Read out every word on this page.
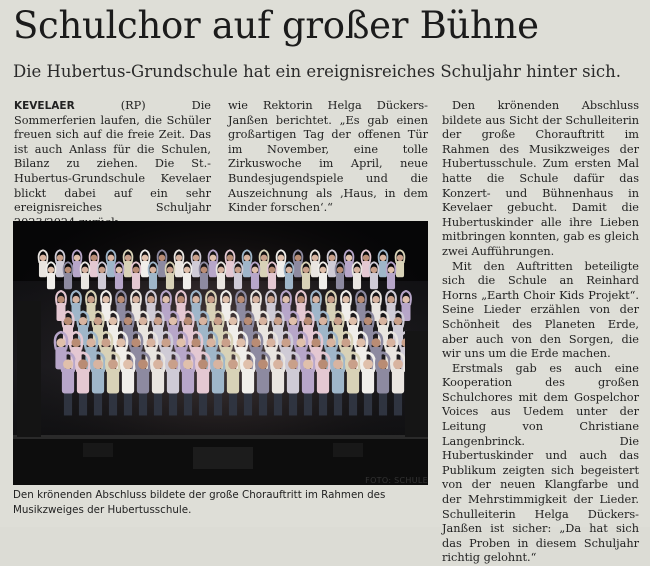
Schulchor auf großer Bühne
Die Hubertus-Grundschule hat ein ereignisreiches Schuljahr hinter sich.

KEVELAER	(RP) Die Sommerferien laufen, die Schüler freuen sich auf die freie Zeit. Das ist auch Anlass für die Schulen, Bilanz zu ziehen. Die St.-Hubertus-Grundschule Kevelaer blickt dabei auf ein sehr ereignisreiches Schuljahr

wie Rektorin Helga Dückers-Janßen berichtet. „Es gab einen großartigen Tag der offenen Tür im November, eine tolle Zirkuswoche im April, neue Bundesjugendspiele und die Auszeichnung als ‚Haus, in dem Kinder forschen‘.“

Den krönenden Abschluss bildete aus Sicht der Schulleiterin der große Chorauftritt im Rahmen des Musikzweiges der Hubertusschule. Zum ersten Mal hatte die Schule dafür das Konzert- und Bühnenhaus in Kevelaer gebucht. Damit die Hubertuskinder alle ihre Lieben mitbringen konnten, gab es gleich zwei Aufführungen.

Mit den Auftritten beteiligte sich die Schule an Reinhard Horns „Earth Choir Kids Projekt“. Seine Lieder erzählen von der Schönheit des Planeten Erde, aber auch von den Sorgen, die wir uns um die Erde machen.

Erstmals gab es auch eine Kooperation des großen Schulchores mit dem Gospelchor Voices aus Uedem unter der Leitung von Christiane Langenbrinck. Die Hubertuskinder und auch das Publikum zeigten sich begeistert von der neuen Klangfarbe und der Mehrstimmigkeit der Lieder. Schulleiterin Helga Dückers-Janßen ist sicher: „Da hat sich das Proben in diesem Schuljahr richtig gelohnt.“

FOTO: SCHULE
Den krönenden Abschluss bildete der große Chorauftritt im Rahmen des Musikzweiges der Hubertusschule.
